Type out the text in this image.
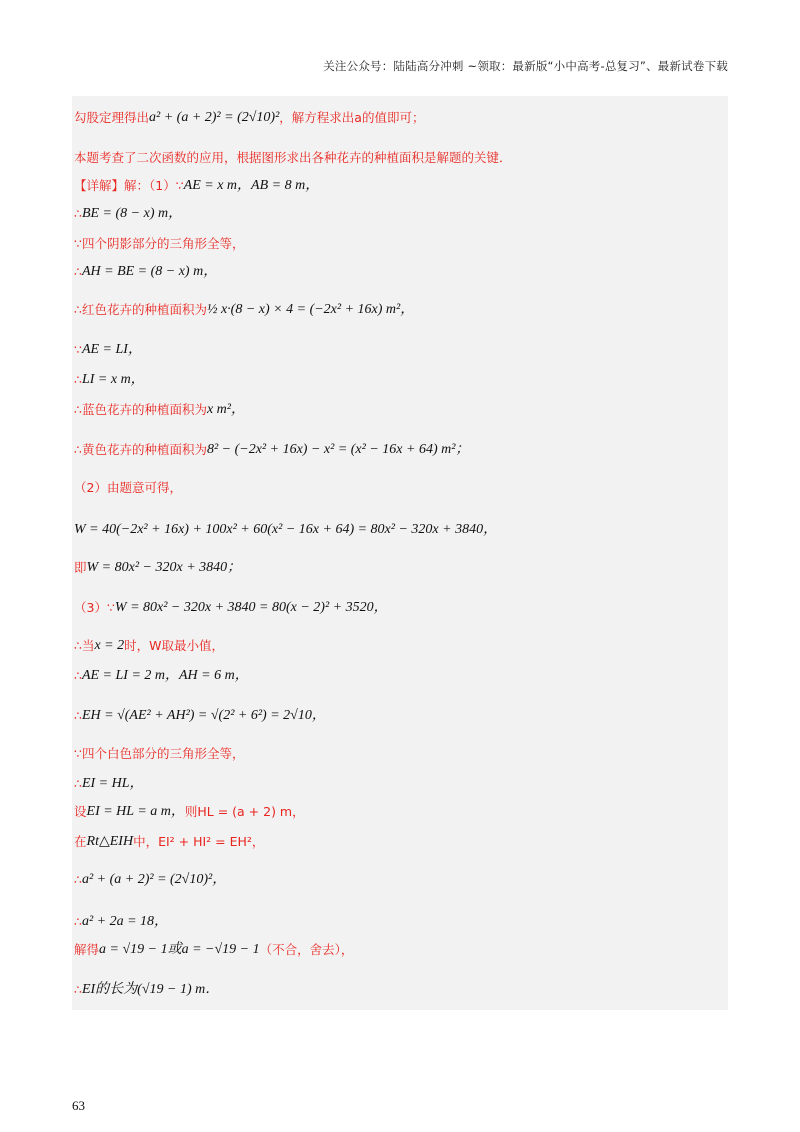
关注公众号：陆陆高分冲刺 ~领取：最新版“小中高考-总复习”、最新试卷下载
勾股定理得出 a² + (a + 2)² = (2√10)² ，解方程求出a的值即可；
本题考查了二次函数的应用，根据图形求出各种花卉的种植面积是解题的关键．
【详解】解：（1）∵ AE = x m，AB = 8 m，
∴ BE = (8 − x) m，
∵四个阴影部分的三角形全等，
∴ AH = BE = (8 − x) m，
∴红色花卉的种植面积为 ½ x·(8 − x) × 4 = (−2x² + 16x) m²，
∵ AE = LI，
∴ LI = x m，
∴蓝色花卉的种植面积为 x m²，
∴黄色花卉的种植面积为 8² − (−2x² + 16x) − x² = (x² − 16x + 64) m²；
（2）由题意可得，
W = 40(−2x² + 16x) + 100x² + 60(x² − 16x + 64) = 80x² − 320x + 3840，
即 W = 80x² − 320x + 3840；
（3）∵ W = 80x² − 320x + 3840 = 80(x − 2)² + 3520，
∴当 x = 2 时，W取最小值，
∴ AE = LI = 2 m，AH = 6 m，
∴ EH = √(AE² + AH²) = √(2² + 6²) = 2√10，
∵四个白色部分的三角形全等，
∴ EI = HL，
设 EI = HL = a m， 则HL = (a + 2) m，
在 Rt△EIH 中，EI² + HI² = EH²，
∴ a² + (a + 2)² = (2√10)²，
∴ a² + 2a = 18，
解得 a = √19 − 1或a = −√19 − 1 （不合，舍去），
∴ EI的长为(√19 − 1) m．
63
